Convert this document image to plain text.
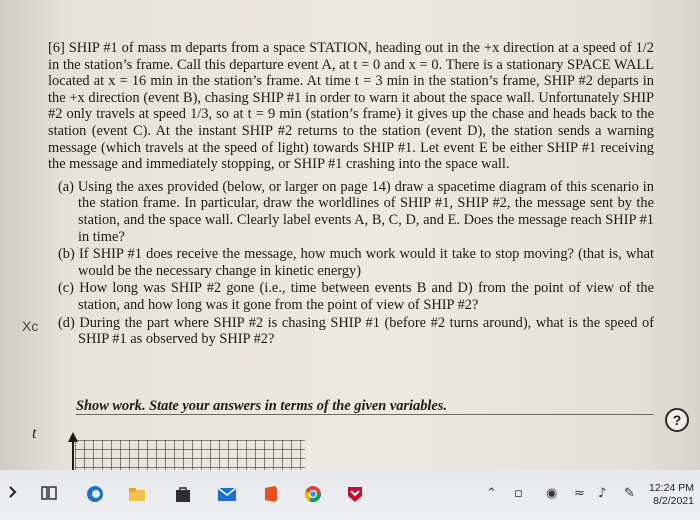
[6] SHIP #1 of mass m departs from a space STATION, heading out in the +x direction at a speed of 1/2 in the station’s frame. Call this departure event A, at t = 0 and x = 0. There is a stationary SPACE WALL located at x = 16 min in the station’s frame. At time t = 3 min in the station’s frame, SHIP #2 departs in the +x direction (event B), chasing SHIP #1 in order to warn it about the space wall. Unfortunately SHIP #2 only travels at speed 1/3, so at t = 9 min (station’s frame) it gives up the chase and heads back to the station (event C). At the instant SHIP #2 returns to the station (event D), the station sends a warning message (which travels at the speed of light) towards SHIP #1. Let event E be either SHIP #1 receiving the message and immediately stopping, or SHIP #1 crashing into the space wall.

(a) Using the axes provided (below, or larger on page 14) draw a spacetime diagram of this scenario in the station frame. In particular, draw the worldlines of SHIP #1, SHIP #2, the message sent by the station, and the space wall. Clearly label events A, B, C, D, and E. Does the message reach SHIP #1 in time?
(b) If SHIP #1 does receive the message, how much work would it take to stop moving? (that is, what would be the necessary change in kinetic energy)
(c) How long was SHIP #2 gone (i.e., time between events B and D) from the point of view of the station, and how long was it gone from the point of view of SHIP #2?
(d) During the part where SHIP #2 is chasing SHIP #1 (before #2 turns around), what is the speed of SHIP #1 as observed by SHIP #2?
Xc
Show work. State your answers in terms of the given variables.
?
t
⌃ ▫ ◉ ≈ ♪ ✎ 12:24 PM
8/2/2021
